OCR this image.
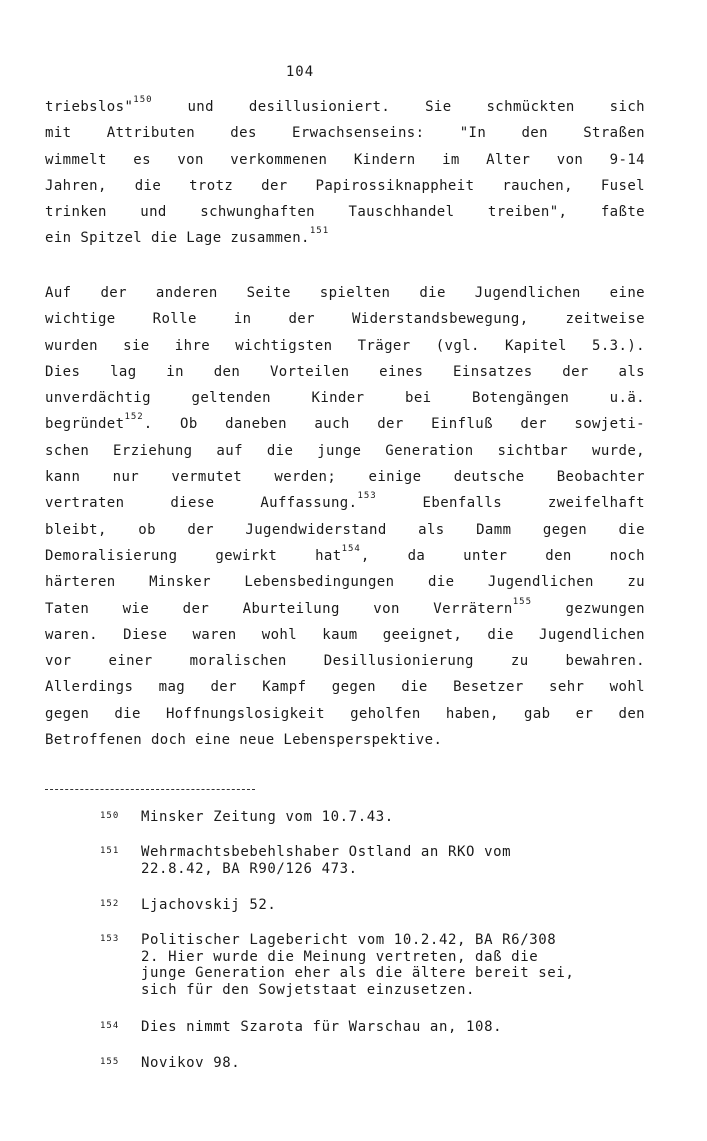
104
triebslos"$^{150}$ und desillusioniert. Sie schmückten sich
mit Attributen des Erwachsenseins: "In den Straßen
wimmelt es von verkommenen Kindern im Alter von 9-14
Jahren, die trotz der Papirossiknappheit rauchen, Fusel
trinken und schwunghaften Tauschhandel treiben", faßte
ein Spitzel die Lage zusammen.$^{151}$
Auf der anderen Seite spielten die Jugendlichen eine
wichtige Rolle in der Widerstandsbewegung, zeitweise
wurden sie ihre wichtigsten Träger (vgl. Kapitel 5.3.).
Dies lag in den Vorteilen eines Einsatzes der als
unverdächtig geltenden Kinder bei Botengängen u.ä.
begründet$^{152}$. Ob daneben auch der Einfluß der sowjeti-
schen Erziehung auf die junge Generation sichtbar wurde,
kann nur vermutet werden; einige deutsche Beobachter
vertraten diese Auffassung.$^{153}$ Ebenfalls zweifelhaft
bleibt, ob der Jugendwiderstand als Damm gegen die
Demoralisierung gewirkt hat$^{154}$, da unter den noch
härteren Minsker Lebensbedingungen die Jugendlichen zu
Taten wie der Aburteilung von Verrätern$^{155}$ gezwungen
waren. Diese waren wohl kaum geeignet, die Jugendlichen
vor einer moralischen Desillusionierung zu bewahren.
Allerdings mag der Kampf gegen die Besetzer sehr wohl
gegen die Hoffnungslosigkeit geholfen haben, gab er den
Betroffenen doch eine neue Lebensperspektive.
150 Minsker Zeitung vom 10.7.43.
151 Wehrmachtsbebehlshaber Ostland an RKO vom
22.8.42, BA R90/126 473.
152 Ljachovskij 52.
153 Politischer Lagebericht vom 10.2.42, BA R6/308
2. Hier wurde die Meinung vertreten, daß die
junge Generation eher als die ältere bereit sei,
sich für den Sowjetstaat einzusetzen.
154 Dies nimmt Szarota für Warschau an, 108.
155 Novikov 98.
